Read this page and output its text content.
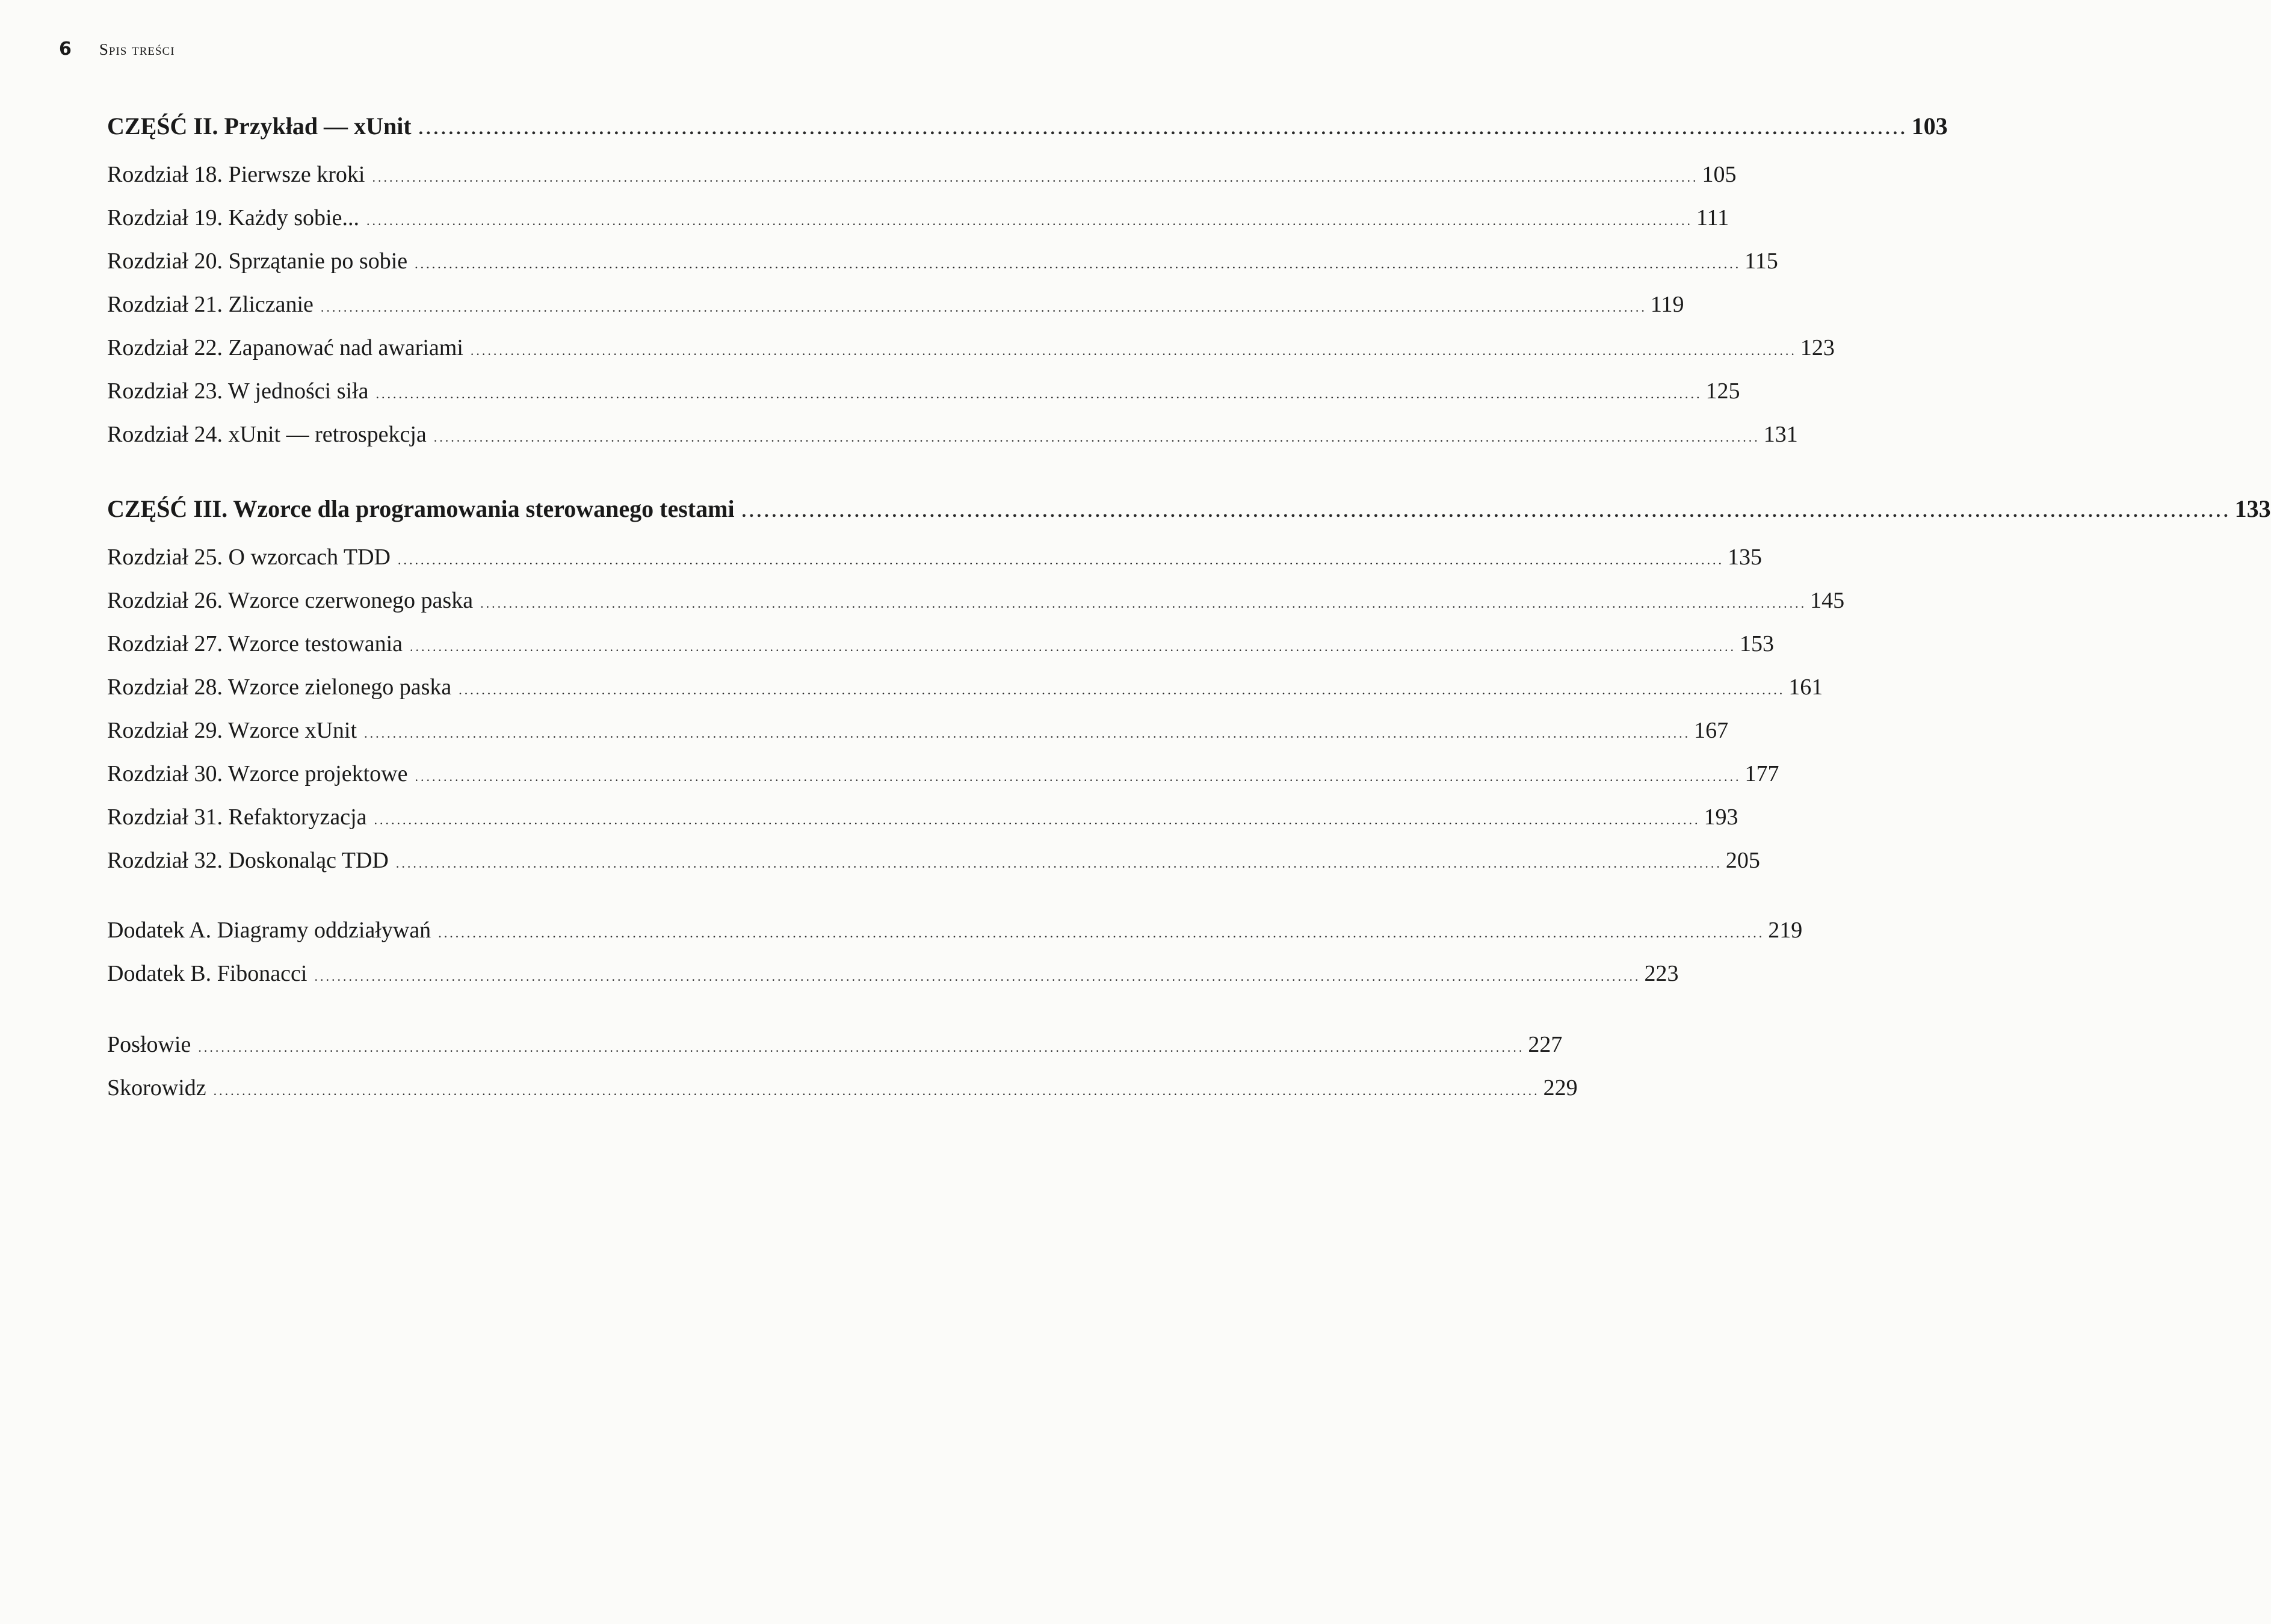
6 Spis treści
CZĘŚĆ II. Przykład — xUnit ...................................................................................................................................................................................................... 103
Rozdział 18. Pierwsze kroki ........................................................................................................................................................................................................................................ 105
Rozdział 19. Każdy sobie... ........................................................................................................................................................................................................................................ 111
Rozdział 20. Sprzątanie po sobie ........................................................................................................................................................................................................................................ 115
Rozdział 21. Zliczanie ........................................................................................................................................................................................................................................ 119
Rozdział 22. Zapanować nad awariami ........................................................................................................................................................................................................................................ 123
Rozdział 23. W jedności siła ........................................................................................................................................................................................................................................ 125
Rozdział 24. xUnit — retrospekcja ........................................................................................................................................................................................................................................ 131
CZĘŚĆ III. Wzorce dla programowania sterowanego testami ...................................................................................................................................................................................................... 133
Rozdział 25. O wzorcach TDD ........................................................................................................................................................................................................................................ 135
Rozdział 26. Wzorce czerwonego paska ........................................................................................................................................................................................................................................ 145
Rozdział 27. Wzorce testowania ........................................................................................................................................................................................................................................ 153
Rozdział 28. Wzorce zielonego paska ........................................................................................................................................................................................................................................ 161
Rozdział 29. Wzorce xUnit ........................................................................................................................................................................................................................................ 167
Rozdział 30. Wzorce projektowe ........................................................................................................................................................................................................................................ 177
Rozdział 31. Refaktoryzacja ........................................................................................................................................................................................................................................ 193
Rozdział 32. Doskonaląc TDD ........................................................................................................................................................................................................................................ 205
Dodatek A. Diagramy oddziaływań ........................................................................................................................................................................................................................................ 219
Dodatek B. Fibonacci ........................................................................................................................................................................................................................................ 223
Posłowie ........................................................................................................................................................................................................................................ 227
Skorowidz ........................................................................................................................................................................................................................................ 229
